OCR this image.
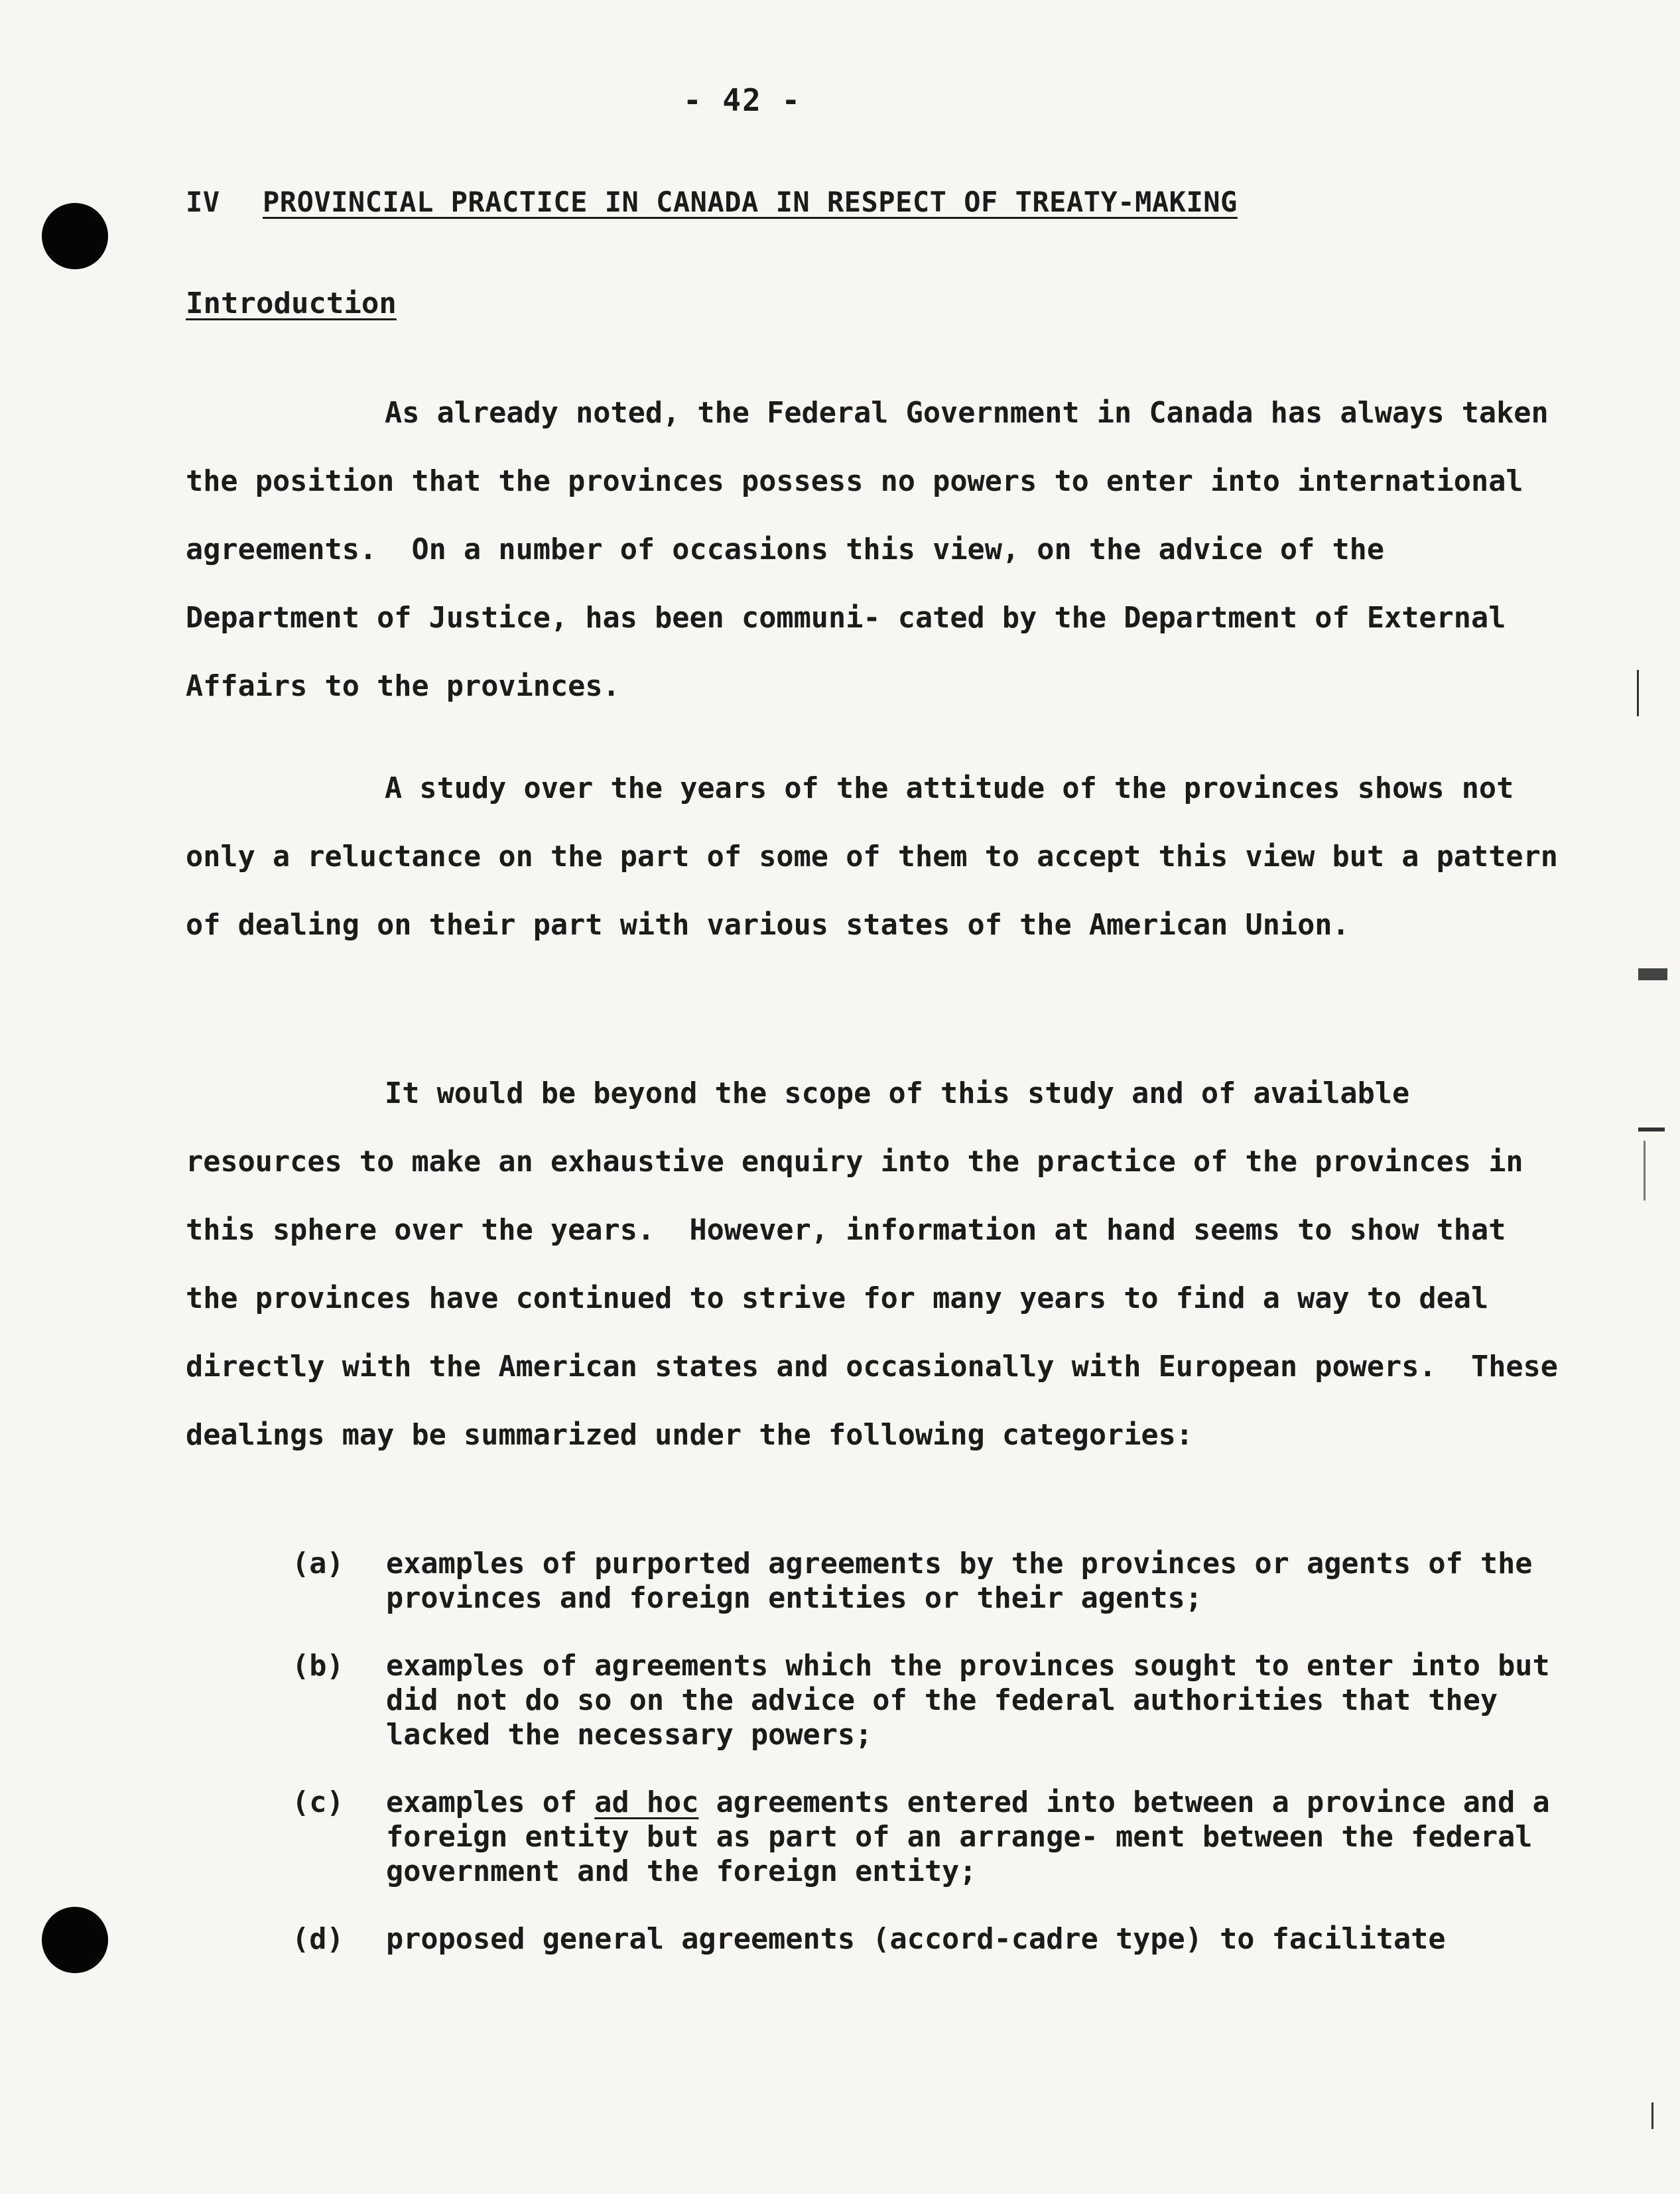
- 42 -
IV PROVINCIAL PRACTICE IN CANADA IN RESPECT OF TREATY-MAKING
Introduction

As already noted, the Federal Government in Canada has always taken the position that the provinces possess no powers to enter into international agreements.  On a number of occasions this view, on the advice of the Department of Justice, has been communi- cated by the Department of External Affairs to the provinces.

A study over the years of the attitude of the provinces shows not only a reluctance on the part of some of them to accept this view but a pattern of dealing on their part with various states of the American Union.

It would be beyond the scope of this study and of available resources to make an exhaustive enquiry into the practice of the provinces in this sphere over the years.  However, information at hand seems to show that the provinces have continued to strive for many years to find a way to deal directly with the American states and occasionally with European powers.  These dealings may be summarized under the following categories:

(a)	examples of purported agreements by the provinces or agents of the provinces and foreign entities or their agents;
(b)	examples of agreements which the provinces sought to enter into but did not do so on the advice of the federal authorities that they lacked the necessary powers;
(c)	examples of ad hoc agreements entered into between a province and a foreign entity but as part of an arrange- ment between the federal government and the foreign entity;
(d)	proposed general agreements (accord-cadre type) to facilitate
